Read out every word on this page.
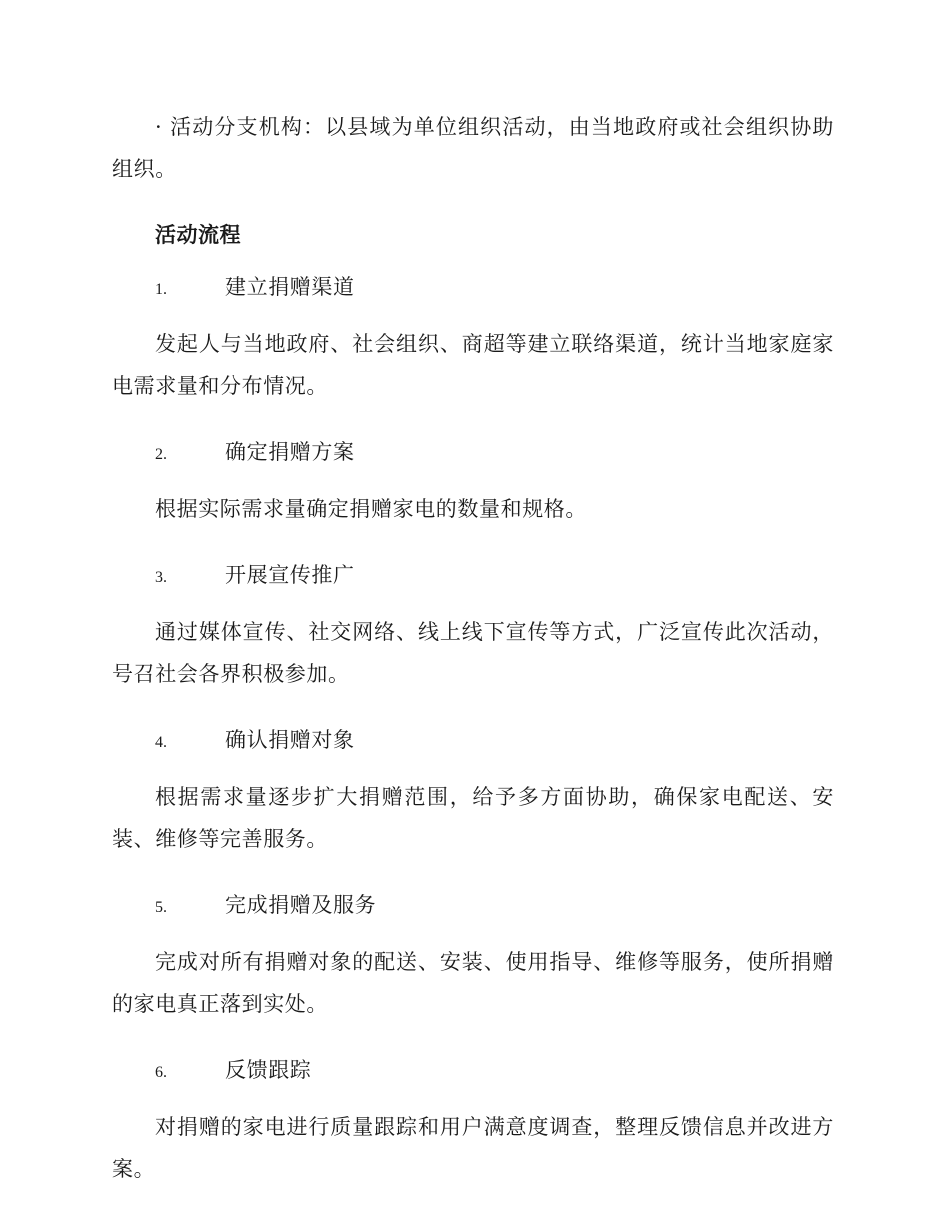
· 活动分支机构：以县域为单位组织活动，由当地政府或社会组织协助组织。

活动流程
1.	建立捐赠渠道

发起人与当地政府、社会组织、商超等建立联络渠道，统计当地家庭家电需求量和分布情况。

2.	确定捐赠方案

根据实际需求量确定捐赠家电的数量和规格。

3.	开展宣传推广

通过媒体宣传、社交网络、线上线下宣传等方式，广泛宣传此次活动，号召社会各界积极参加。

4.	确认捐赠对象

根据需求量逐步扩大捐赠范围，给予多方面协助，确保家电配送、安装、维修等完善服务。

5.	完成捐赠及服务

完成对所有捐赠对象的配送、安装、使用指导、维修等服务，使所捐赠的家电真正落到实处。

6.	反馈跟踪

对捐赠的家电进行质量跟踪和用户满意度调查，整理反馈信息并改进方案。
